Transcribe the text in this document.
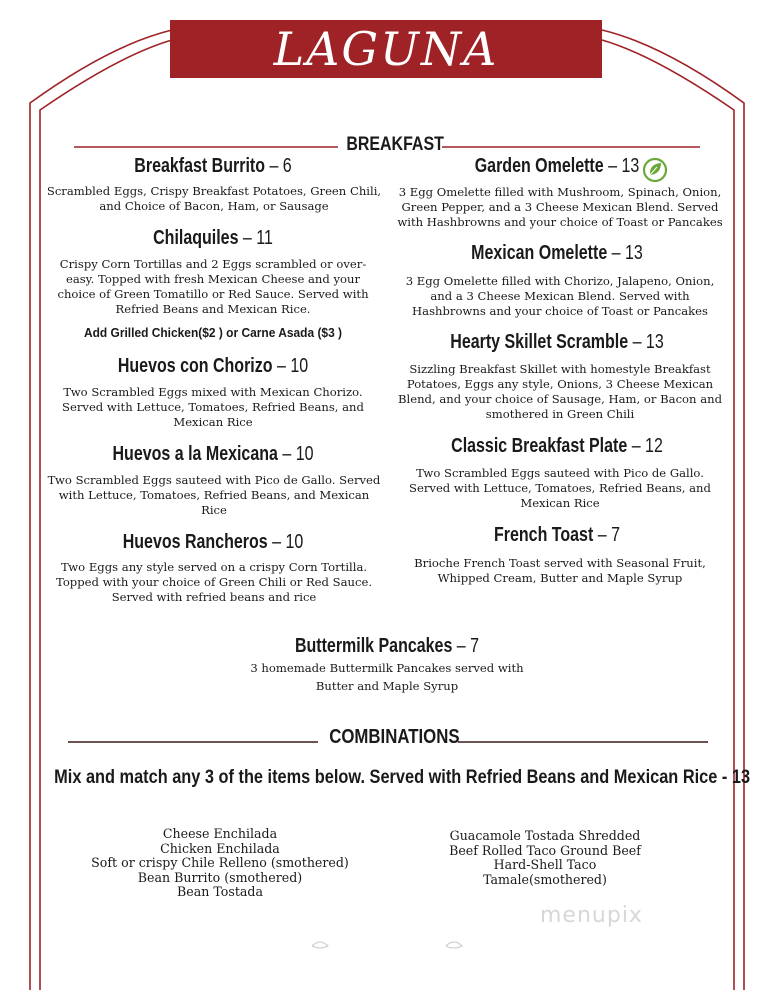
LAGUNA
BREAKFAST
Breakfast Burrito – 6
Scrambled Eggs, Crispy Breakfast Potatoes, Green Chili, and Choice of Bacon, Ham, or Sausage
Chilaquiles – 11
Crispy Corn Tortillas and 2 Eggs scrambled or over-easy. Topped with fresh Mexican Cheese and your choice of Green Tomatillo or Red Sauce. Served with Refried Beans and Mexican Rice.
Add Grilled Chicken($2 ) or Carne Asada ($3 )
Huevos con Chorizo – 10
Two Scrambled Eggs mixed with Mexican Chorizo. Served with Lettuce, Tomatoes, Refried Beans, and Mexican Rice
Huevos a la Mexicana – 10
Two Scrambled Eggs sauteed with Pico de Gallo. Served with Lettuce, Tomatoes, Refried Beans, and Mexican Rice
Huevos Rancheros – 10
Two Eggs any style served on a crispy Corn Tortilla. Topped with your choice of Green Chili or Red Sauce. Served with refried beans and rice
Garden Omelette – 13
3 Egg Omelette filled with Mushroom, Spinach, Onion, Green Pepper, and a 3 Cheese Mexican Blend. Served with Hashbrowns and your choice of Toast or Pancakes
Mexican Omelette – 13
3 Egg Omelette filled with Chorizo, Jalapeno, Onion, and a 3 Cheese Mexican Blend. Served with Hashbrowns and your choice of Toast or Pancakes
Hearty Skillet Scramble – 13
Sizzling Breakfast Skillet with homestyle Breakfast Potatoes, Eggs any style, Onions, 3 Cheese Mexican Blend, and your choice of Sausage, Ham, or Bacon and smothered in Green Chili
Classic Breakfast Plate – 12
Two Scrambled Eggs sauteed with Pico de Gallo. Served with Lettuce, Tomatoes, Refried Beans, and Mexican Rice
French Toast – 7
Brioche French Toast served with Seasonal Fruit, Whipped Cream, Butter and Maple Syrup
Buttermilk Pancakes – 7
3 homemade Buttermilk Pancakes served with
Butter and Maple Syrup
COMBINATIONS
Mix and match any 3 of the items below. Served with Refried Beans and Mexican Rice - 13
Cheese Enchilada
Chicken Enchilada
Soft or crispy Chile Relleno (smothered)
Bean Burrito (smothered)
Bean Tostada
Guacamole Tostada Shredded
Beef Rolled Taco Ground Beef
Hard-Shell Taco
Tamale(smothered)
menupix
